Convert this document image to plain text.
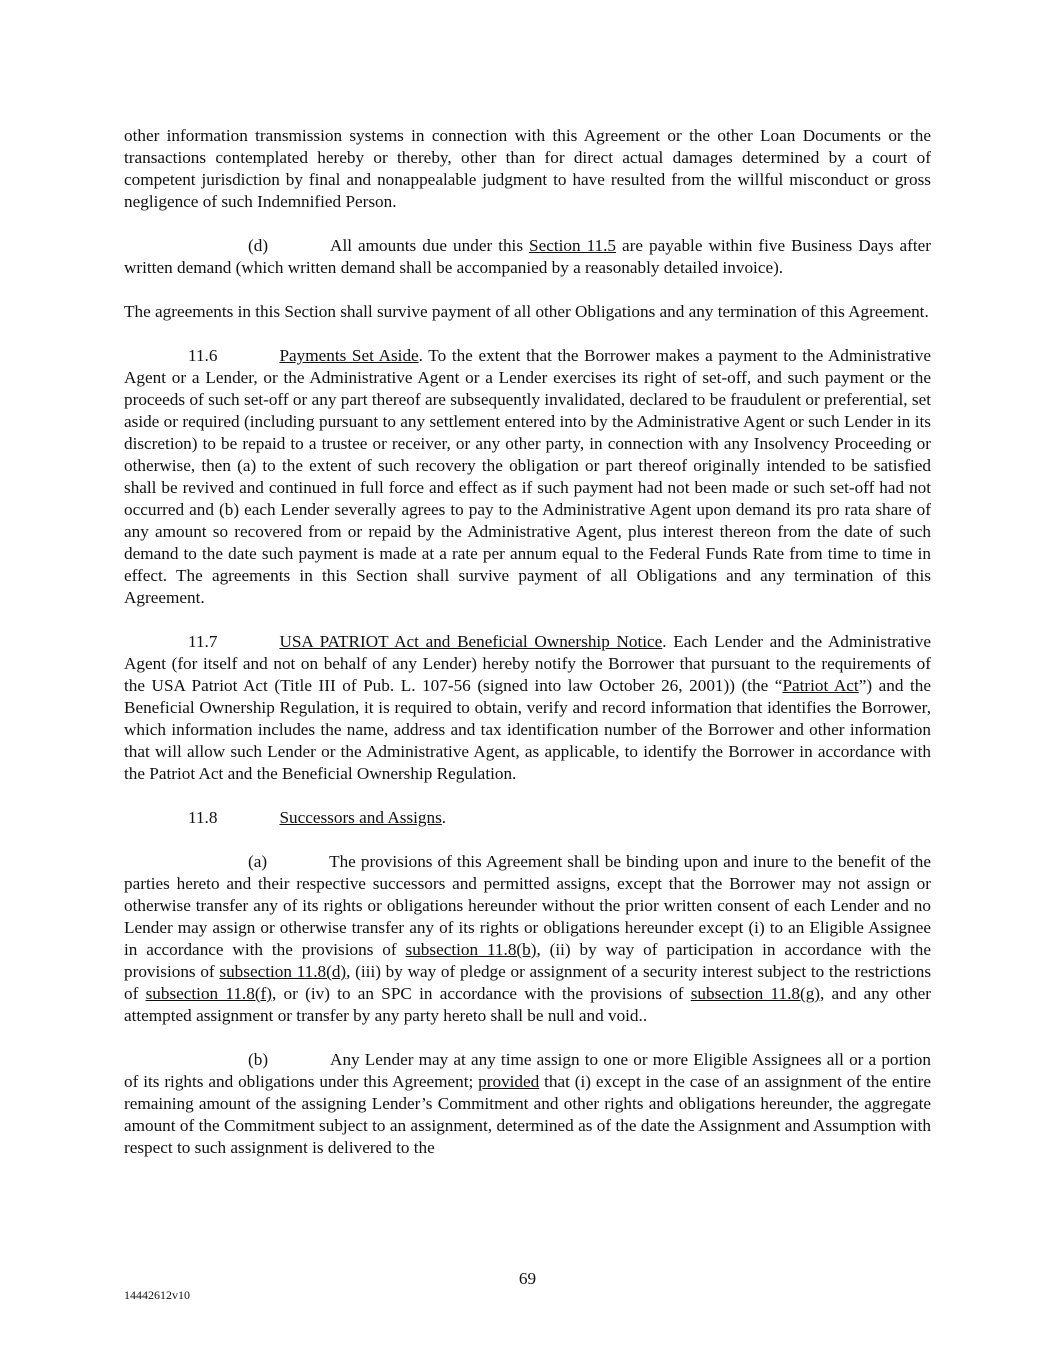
other information transmission systems in connection with this Agreement or the other Loan Documents or the transactions contemplated hereby or thereby, other than for direct actual damages determined by a court of competent jurisdiction by final and nonappealable judgment to have resulted from the willful misconduct or gross negligence of such Indemnified Person.

(d)	All amounts due under this Section 11.5 are payable within five Business Days after written demand (which written demand shall be accompanied by a reasonably detailed invoice).

The agreements in this Section shall survive payment of all other Obligations and any termination of this Agreement.

11.6	Payments Set Aside. To the extent that the Borrower makes a payment to the Administrative Agent or a Lender, or the Administrative Agent or a Lender exercises its right of set-off, and such payment or the proceeds of such set-off or any part thereof are subsequently invalidated, declared to be fraudulent or preferential, set aside or required (including pursuant to any settlement entered into by the Administrative Agent or such Lender in its discretion) to be repaid to a trustee or receiver, or any other party, in connection with any Insolvency Proceeding or otherwise, then (a) to the extent of such recovery the obligation or part thereof originally intended to be satisfied shall be revived and continued in full force and effect as if such payment had not been made or such set-off had not occurred and (b) each Lender severally agrees to pay to the Administrative Agent upon demand its pro rata share of any amount so recovered from or repaid by the Administrative Agent, plus interest thereon from the date of such demand to the date such payment is made at a rate per annum equal to the Federal Funds Rate from time to time in effect. The agreements in this Section shall survive payment of all Obligations and any termination of this Agreement.

11.7	USA PATRIOT Act and Beneficial Ownership Notice. Each Lender and the Administrative Agent (for itself and not on behalf of any Lender) hereby notify the Borrower that pursuant to the requirements of the USA Patriot Act (Title III of Pub. L. 107-56 (signed into law October 26, 2001)) (the “Patriot Act”) and the Beneficial Ownership Regulation, it is required to obtain, verify and record information that identifies the Borrower, which information includes the name, address and tax identification number of the Borrower and other information that will allow such Lender or the Administrative Agent, as applicable, to identify the Borrower in accordance with the Patriot Act and the Beneficial Ownership Regulation.

11.8	Successors and Assigns.

(a)	The provisions of this Agreement shall be binding upon and inure to the benefit of the parties hereto and their respective successors and permitted assigns, except that the Borrower may not assign or otherwise transfer any of its rights or obligations hereunder without the prior written consent of each Lender and no Lender may assign or otherwise transfer any of its rights or obligations hereunder except (i) to an Eligible Assignee in accordance with the provisions of subsection 11.8(b), (ii) by way of participation in accordance with the provisions of subsection 11.8(d), (iii) by way of pledge or assignment of a security interest subject to the restrictions of subsection 11.8(f), or (iv) to an SPC in accordance with the provisions of subsection 11.8(g), and any other attempted assignment or transfer by any party hereto shall be null and void..

(b)	Any Lender may at any time assign to one or more Eligible Assignees all or a portion of its rights and obligations under this Agreement; provided that (i) except in the case of an assignment of the entire remaining amount of the assigning Lender’s Commitment and other rights and obligations hereunder, the aggregate amount of the Commitment subject to an assignment, determined as of the date the Assignment and Assumption with respect to such assignment is delivered to the

69
14442612v10
